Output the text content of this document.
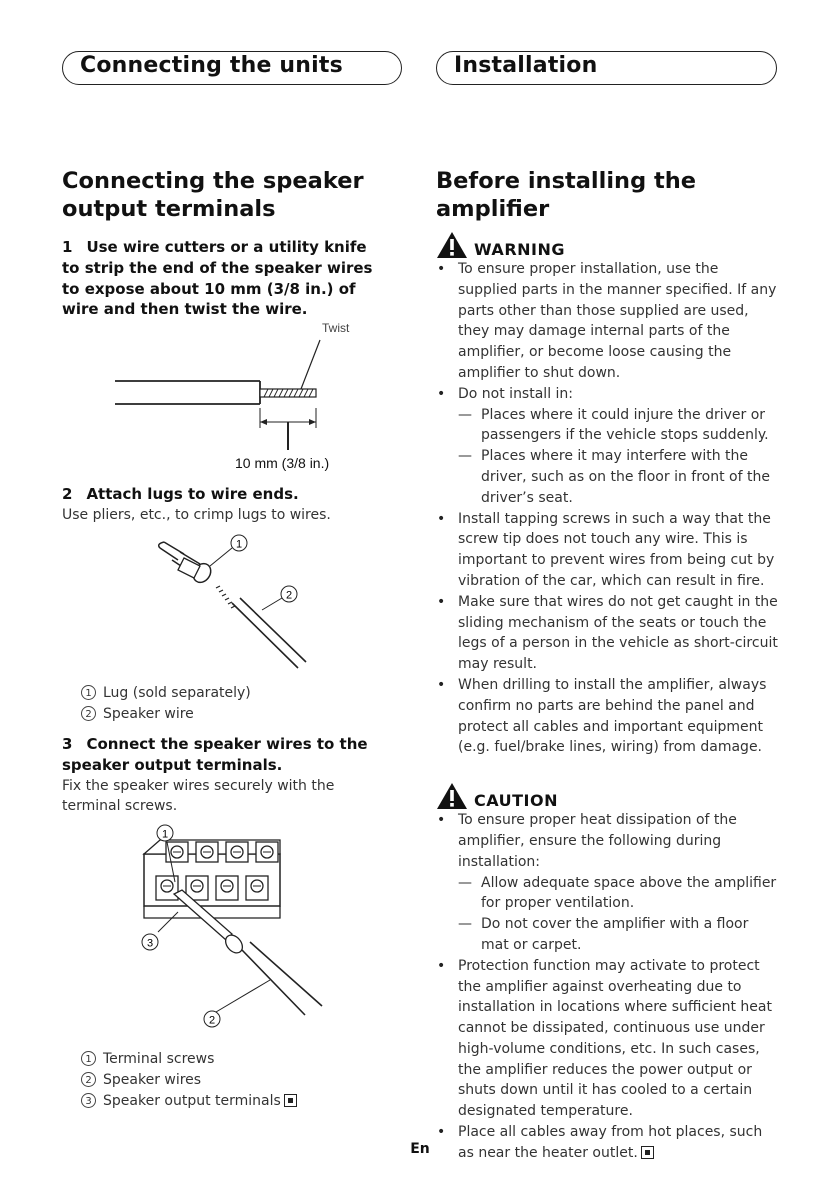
Connecting the units	Installation
Connecting the speaker output terminals

1 Use wire cutters or a utility knife to strip the end of the speaker wires to expose about 10 mm (3/8 in.) of wire and then twist the wire.

Twist
10 mm (3/8 in.)

2 Attach lugs to wire ends.

Use pliers, etc., to crimp lugs to wires.

1
2
1 Lug (sold separately)
2 Speaker wire

3 Connect the speaker wires to the speaker output terminals.

Fix the speaker wires securely with the terminal screws.

1
3
2
1 Terminal screws
2 Speaker wires
3 Speaker output terminals
Before installing the amplifier
WARNING
• To ensure proper installation, use the supplied parts in the manner specified. If any parts other than those supplied are used, they may damage internal parts of the amplifier, or become loose causing the amplifier to shut down.
• Do not install in:
— Places where it could injure the driver or passengers if the vehicle stops suddenly.
— Places where it may interfere with the driver, such as on the floor in front of the driver’s seat.
• Install tapping screws in such a way that the screw tip does not touch any wire. This is important to prevent wires from being cut by vibration of the car, which can result in fire.
• Make sure that wires do not get caught in the sliding mechanism of the seats or touch the legs of a person in the vehicle as short-circuit may result.
• When drilling to install the amplifier, always confirm no parts are behind the panel and protect all cables and important equipment (e.g. fuel/brake lines, wiring) from damage.
CAUTION
• To ensure proper heat dissipation of the amplifier, ensure the following during installation:
— Allow adequate space above the amplifier for proper ventilation.
— Do not cover the amplifier with a floor mat or carpet.
• Protection function may activate to protect the amplifier against overheating due to installation in locations where sufficient heat cannot be dissipated, continuous use under high-volume conditions, etc. In such cases, the amplifier reduces the power output or shuts down until it has cooled to a certain designated temperature.
• Place all cables away from hot places, such as near the heater outlet.
En
